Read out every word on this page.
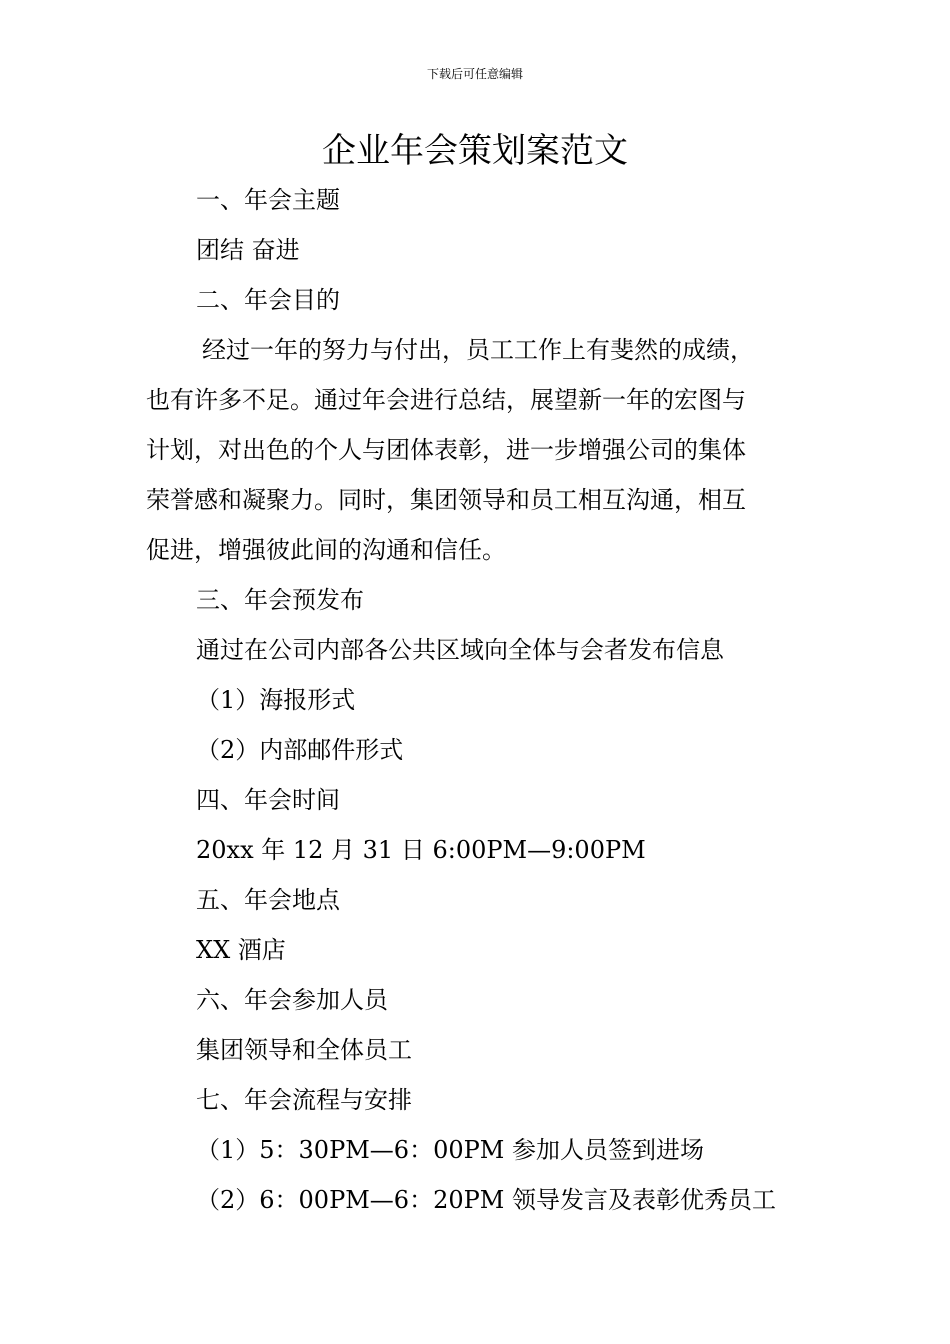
下载后可任意编辑
企业年会策划案范文

一、年会主题

团结 奋进

二、年会目的

经过一年的努力与付出，员工工作上有斐然的成绩，
也有许多不足。通过年会进行总结，展望新一年的宏图与
计划，对出色的个人与团体表彰，进一步增强公司的集体
荣誉感和凝聚力。同时，集团领导和员工相互沟通，相互
促进，增强彼此间的沟通和信任。

三、年会预发布

通过在公司内部各公共区域向全体与会者发布信息

（1）海报形式

（2）内部邮件形式

四、年会时间

20xx 年 12 月 31 日 6:00PM—9:00PM

五、年会地点

XX 酒店

六、年会参加人员

集团领导和全体员工

七、年会流程与安排

（1）5：30PM—6：00PM 参加人员签到进场

（2）6：00PM—6：20PM 领导发言及表彰优秀员工
